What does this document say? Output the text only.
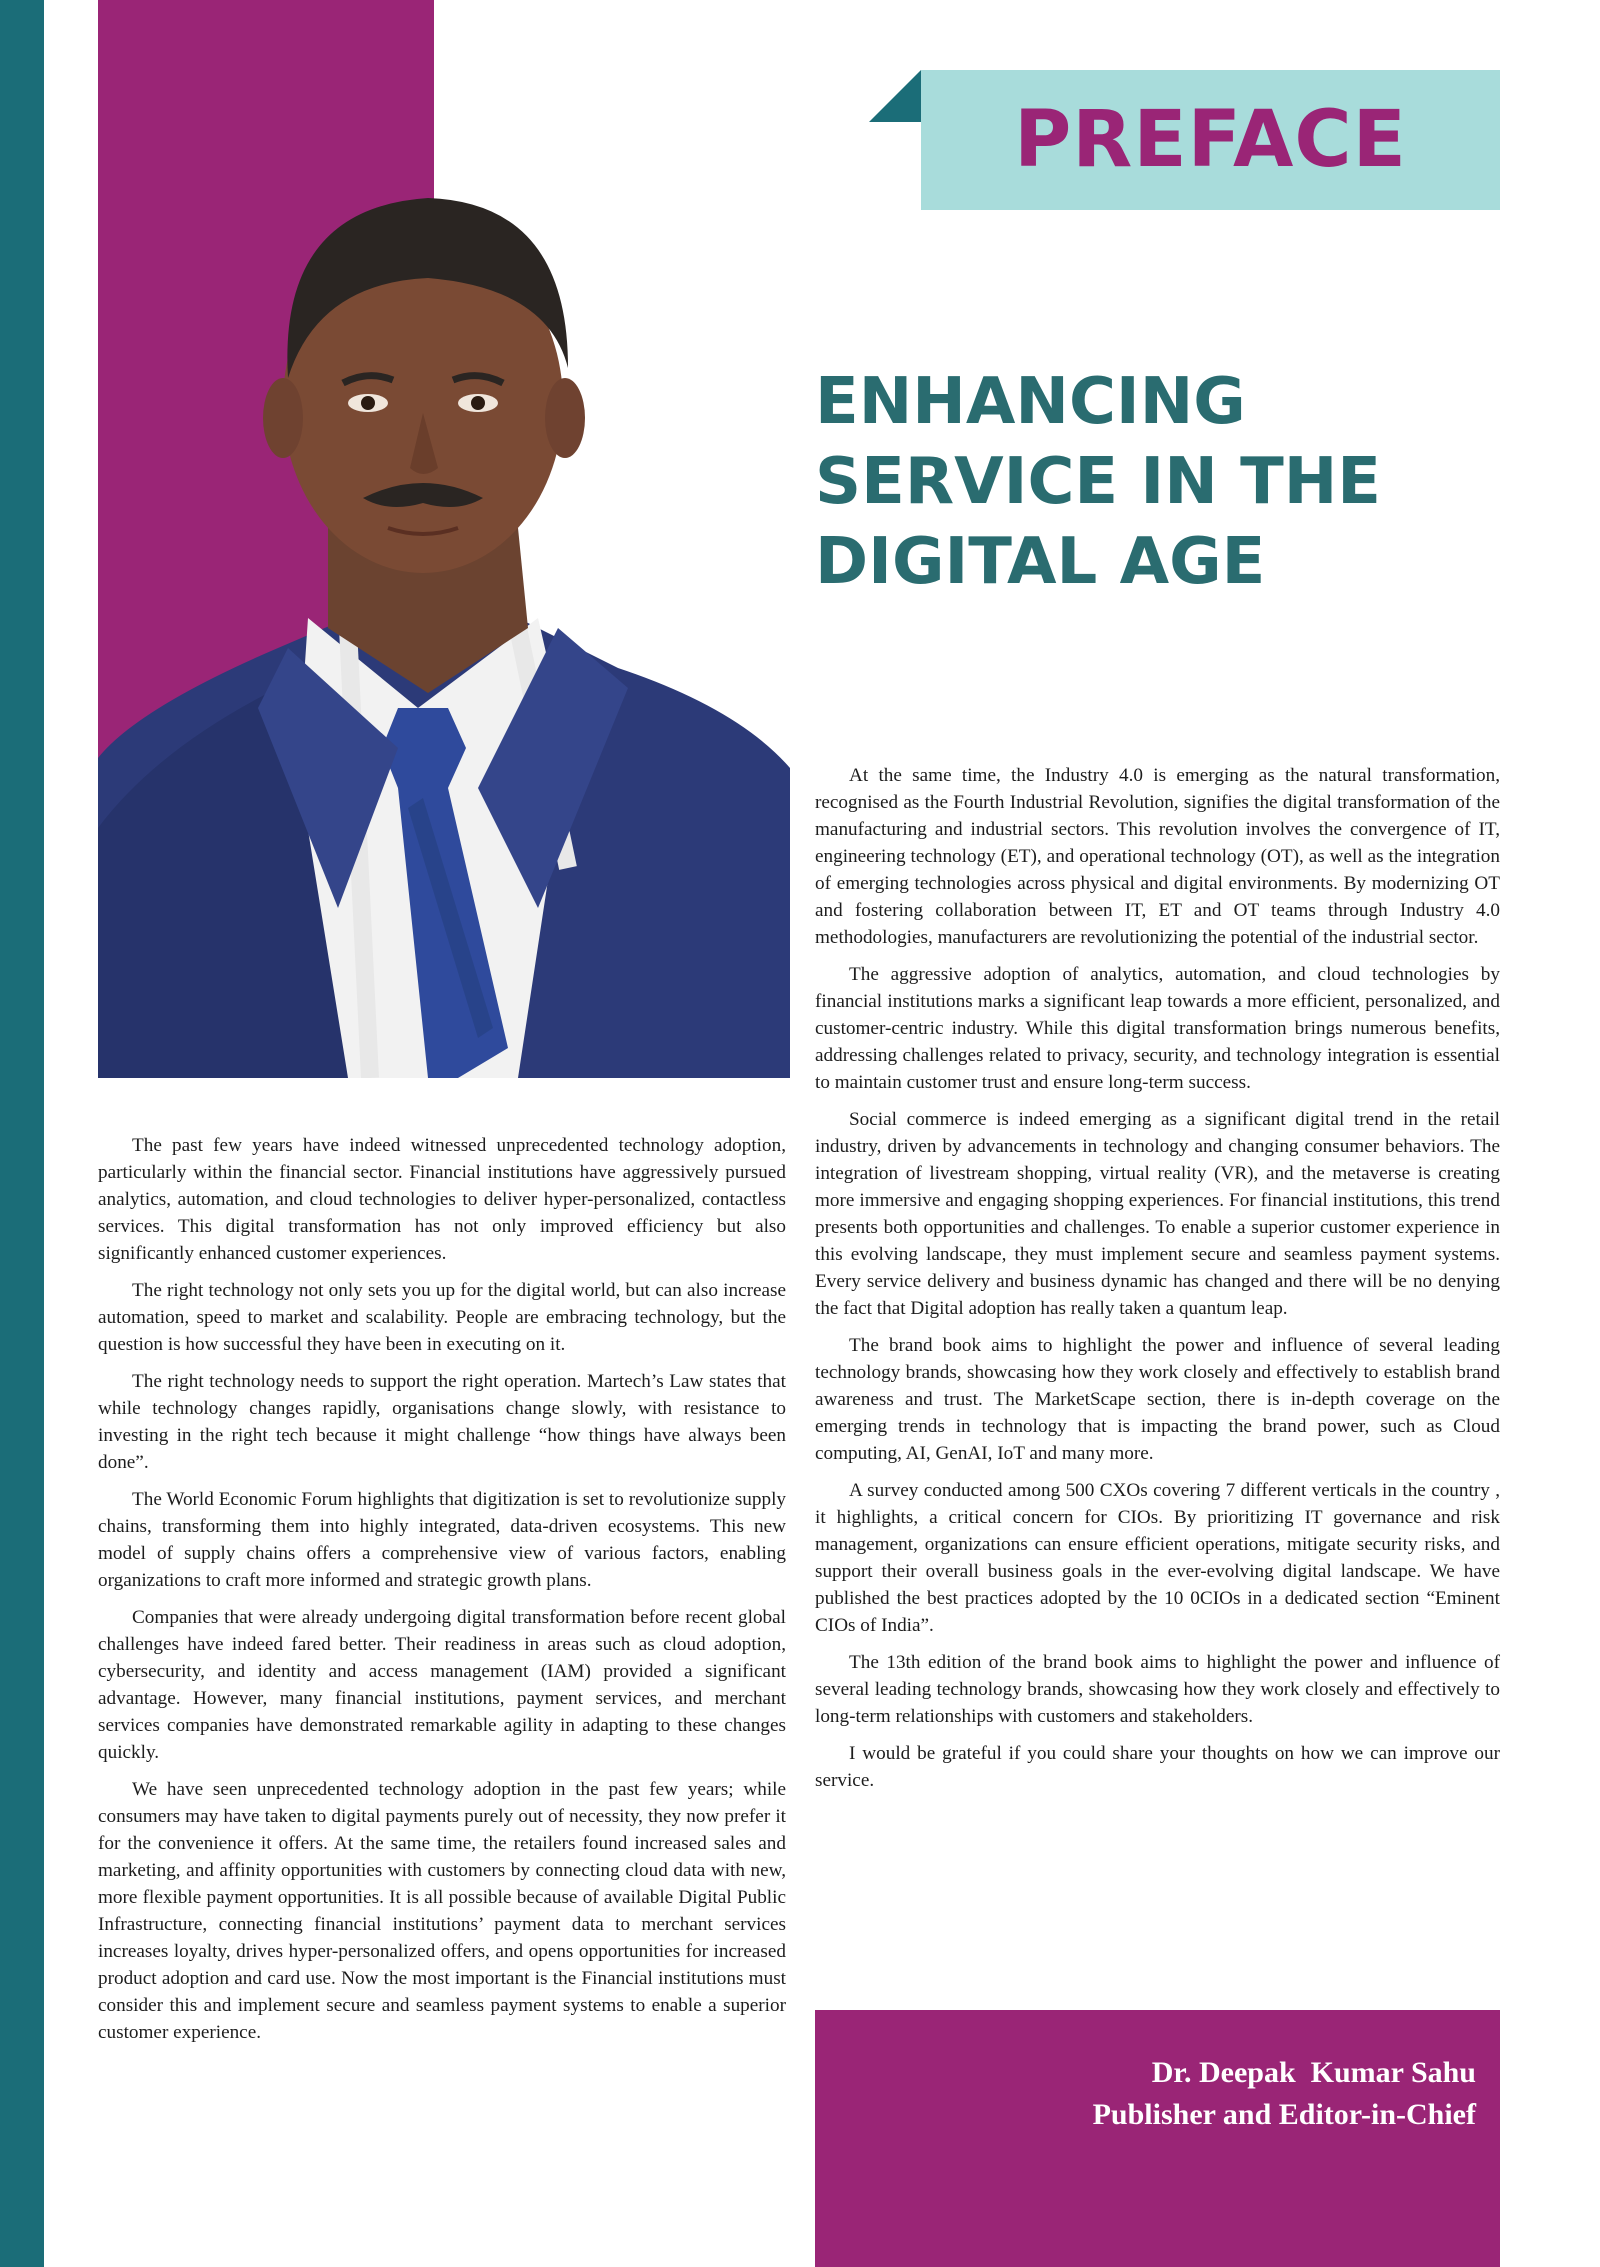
PREFACE
ENHANCING
SERVICE IN THE
DIGITAL AGE

The past few years have indeed witnessed unprecedented technology adoption, particularly within the financial sector. Financial institutions have aggressively pursued analytics, automation, and cloud technologies to deliver hyper-personalized, contactless services. This digital transformation has not only improved efficiency but also significantly enhanced customer experiences.

The right technology not only sets you up for the digital world, but can also increase automation, speed to market and scalability. People are embracing technology, but the question is how successful they have been in executing on it.

The right technology needs to support the right operation. Martech’s Law states that while technology changes rapidly, organisations change slowly, with resistance to investing in the right tech because it might challenge “how things have always been done”.

The World Economic Forum highlights that digitization is set to revolutionize supply chains, transforming them into highly integrated, data-driven ecosystems. This new model of supply chains offers a comprehensive view of various factors, enabling organizations to craft more informed and strategic growth plans.

Companies that were already undergoing digital transformation before recent global challenges have indeed fared better. Their readiness in areas such as cloud adoption, cybersecurity, and identity and access management (IAM) provided a significant advantage. However, many financial institutions, payment services, and merchant services companies have demonstrated remarkable agility in adapting to these changes quickly.

We have seen unprecedented technology adoption in the past few years; while consumers may have taken to digital payments purely out of necessity, they now prefer it for the convenience it offers. At the same time, the retailers found increased sales and marketing, and affinity opportunities with customers by connecting cloud data with new, more flexible payment opportunities. It is all possible because of available Digital Public Infrastructure, connecting financial institutions’ payment data to merchant services increases loyalty, drives hyper-personalized offers, and opens opportunities for increased product adoption and card use. Now the most important is the Financial institutions must consider this and implement secure and seamless payment systems to enable a superior customer experience.

At the same time, the Industry 4.0 is emerging as the natural transformation, recognised as the Fourth Industrial Revolution, signifies the digital transformation of the manufacturing and industrial sectors. This revolution involves the convergence of IT, engineering technology (ET), and operational technology (OT), as well as the integration of emerging technologies across physical and digital environments. By modernizing OT and fostering collaboration between IT, ET and OT teams through Industry 4.0 methodologies, manufacturers are revolutionizing the potential of the industrial sector.

The aggressive adoption of analytics, automation, and cloud technologies by financial institutions marks a significant leap towards a more efficient, personalized, and customer-centric industry. While this digital transformation brings numerous benefits, addressing challenges related to privacy, security, and technology integration is essential to maintain customer trust and ensure long-term success.

Social commerce is indeed emerging as a significant digital trend in the retail industry, driven by advancements in technology and changing consumer behaviors. The integration of livestream shopping, virtual reality (VR), and the metaverse is creating more immersive and engaging shopping experiences. For financial institutions, this trend presents both opportunities and challenges. To enable a superior customer experience in this evolving landscape, they must implement secure and seamless payment systems. Every service delivery and business dynamic has changed and there will be no denying the fact that Digital adoption has really taken a quantum leap.

The brand book aims to highlight the power and influence of several leading technology brands, showcasing how they work closely and effectively to establish brand awareness and trust. The MarketScape section, there is in-depth coverage on the emerging trends in technology that is impacting the brand power, such as Cloud computing, AI, GenAI, IoT and many more.

A survey conducted among 500 CXOs covering 7 different verticals in the country , it highlights, a critical concern for CIOs. By prioritizing IT governance and risk management, organizations can ensure efficient operations, mitigate security risks, and support their overall business goals in the ever-evolving digital landscape. We have published the best practices adopted by the 10 0CIOs in a dedicated section “Eminent CIOs of India”.

The 13th edition of the brand book aims to highlight the power and influence of several leading technology brands, showcasing how they work closely and effectively to long-term relationships with customers and stakeholders.

I would be grateful if you could share your thoughts on how we can improve our service.

Dr. Deepak  Kumar Sahu
Publisher and Editor-in-Chief
